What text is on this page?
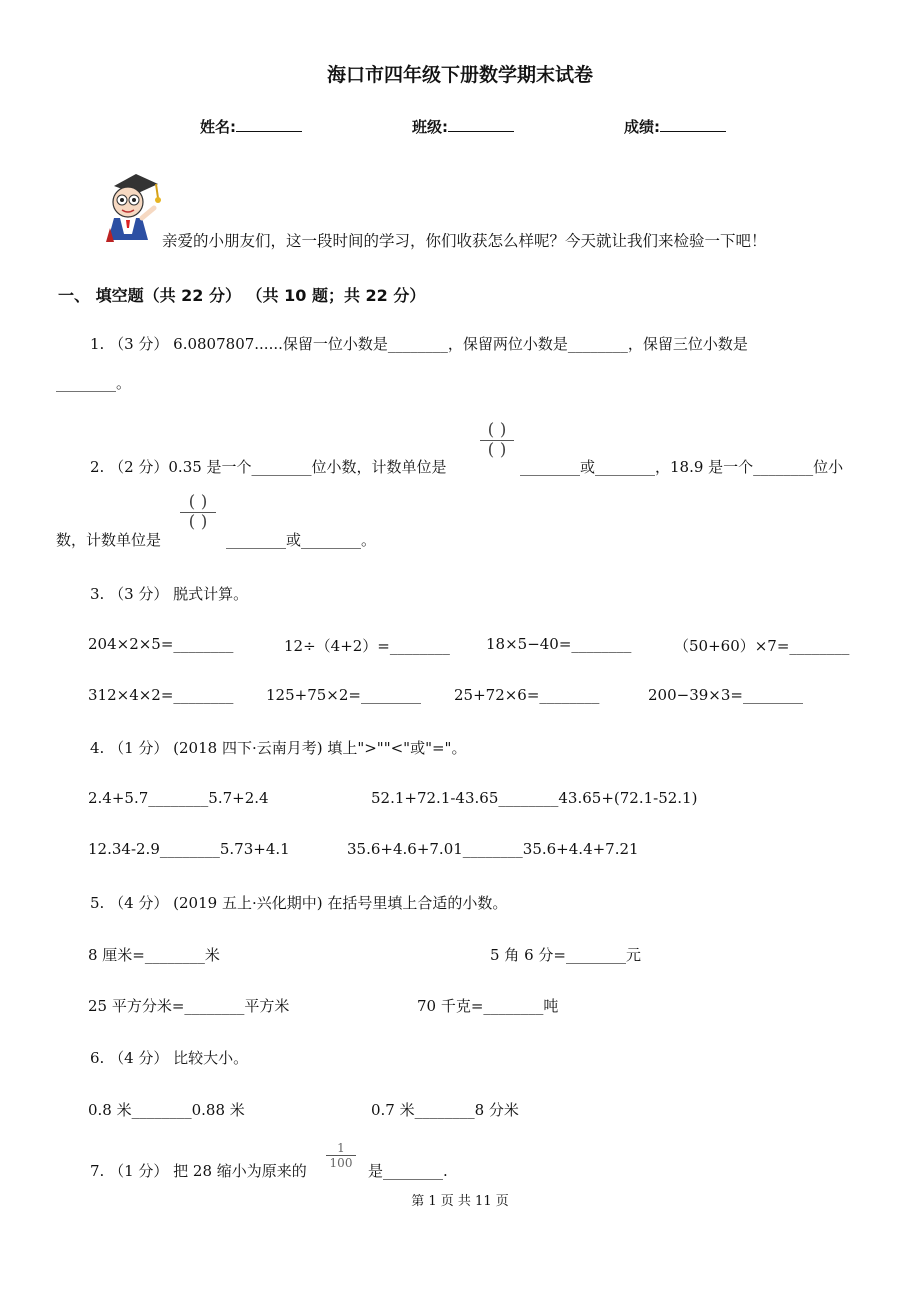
海口市四年级下册数学期末试卷
姓名:	班级:	成绩:
亲爱的小朋友们，这一段时间的学习，你们收获怎么样呢？今天就让我们来检验一下吧！
一、 填空题（共 22 分） （共 10 题；共 22 分）
1. （3 分） 6.0807807......保留一位小数是________，保留两位小数是________，保留三位小数是
________。
2. （2 分）0.35 是一个________位小数，计数单位是
( )
( )
________或________，18.9 是一个________位小
数，计数单位是
( )
( )
________或________。
3. （3 分） 脱式计算。
204×2×5=________	12÷（4+2）=________ 18×5−40=________	（50+60）×7=________
312×4×2=________ 125+75×2=________ 25+72×6=________	200−39×3=________
4. （1 分） (2018 四下·云南月考) 填上">""<"或"="。
2.4+5.7________5.7+2.4	52.1+72.1-43.65________43.65+(72.1-52.1)
12.34-2.9________5.73+4.1	35.6+4.6+7.01________35.6+4.4+7.21
5. （4 分） (2019 五上·兴化期中) 在括号里填上合适的小数。
8 厘米=________米	5 角 6 分=________元
25 平方分米=________平方米	70 千克=________吨
6. （4 分） 比较大小。
0.8 米________0.88 米	0.7 米________8 分米
7. （1 分） 把 28 缩小为原来的
1
100 是________.
第 1 页 共 11 页
